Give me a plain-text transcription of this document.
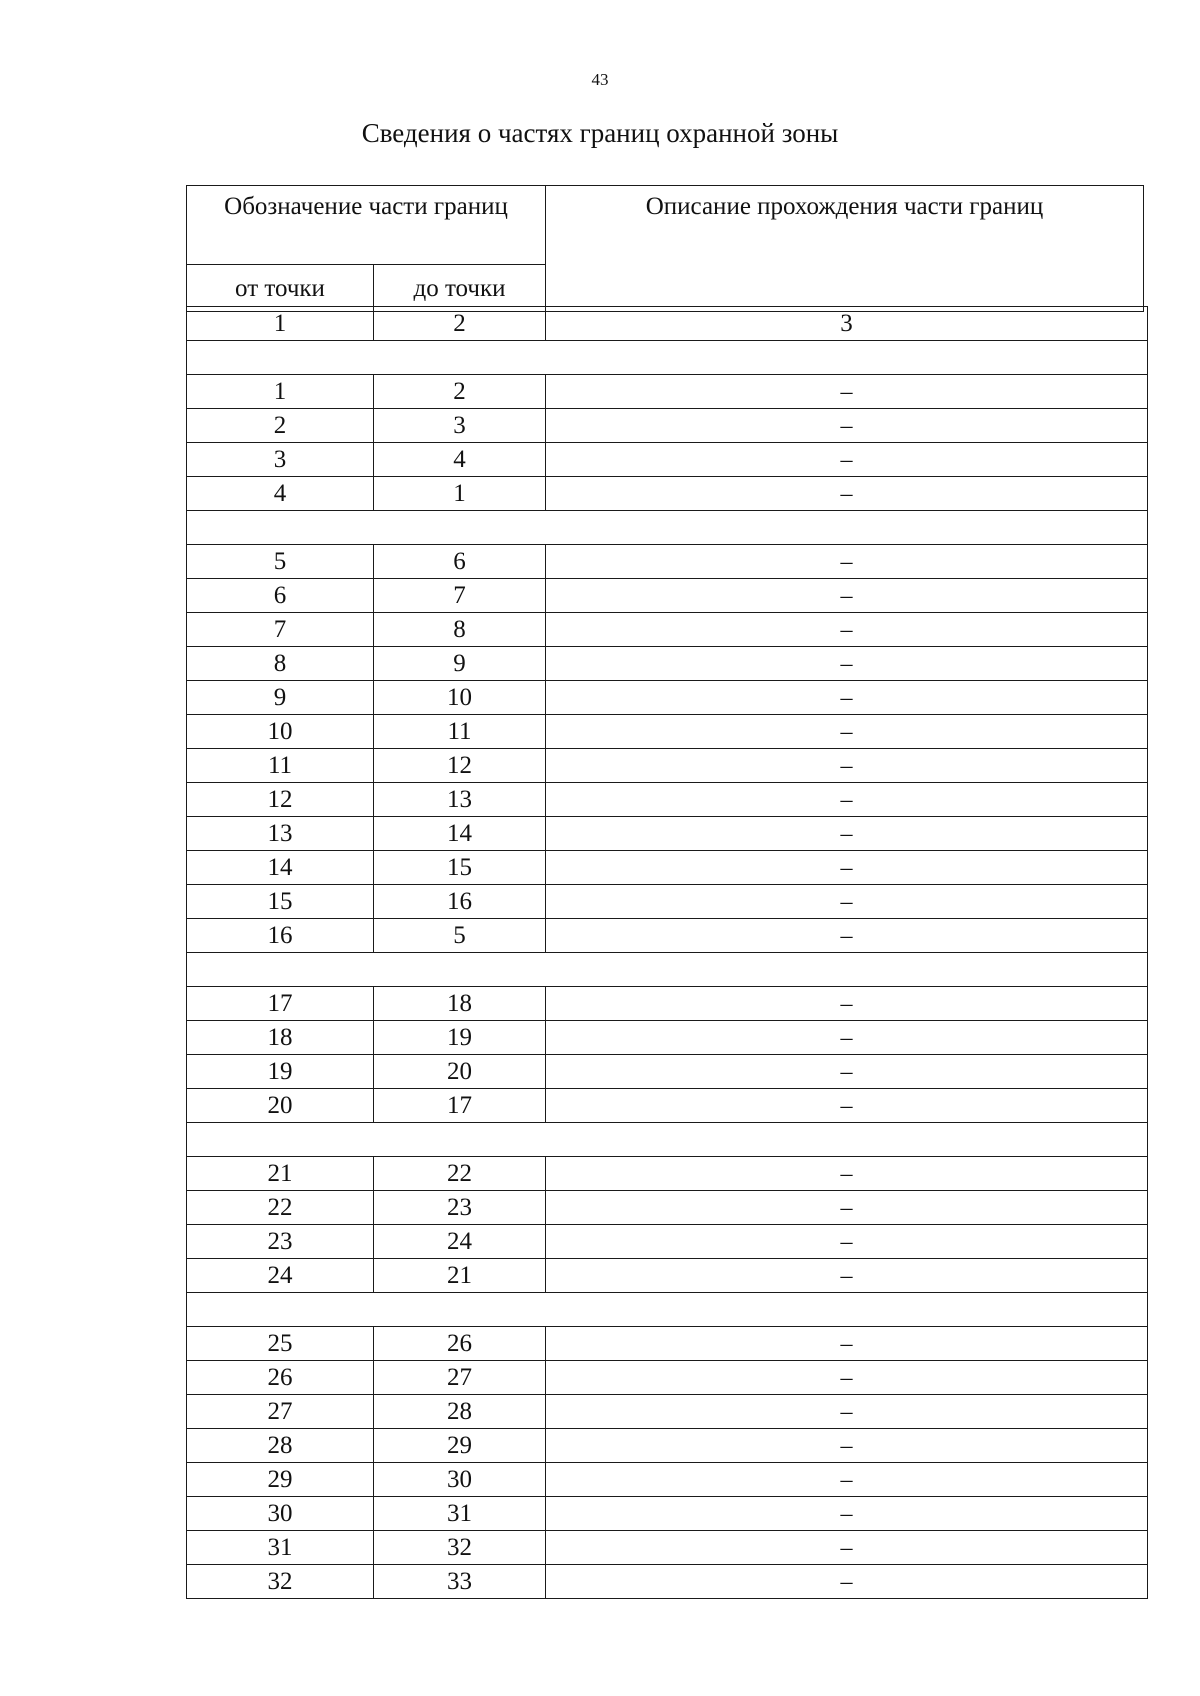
43
Сведения о частях границ охранной зоны
Обозначение части границ		Описание прохождения части границ
от точки	до точки	
1	2	3

1	2	–
2	3	–
3	4	–
4	1	–

5	6	–
6	7	–
7	8	–
8	9	–
9	10	–
10	11	–
11	12	–
12	13	–
13	14	–
14	15	–
15	16	–
16	5	–

17	18	–
18	19	–
19	20	–
20	17	–

21	22	–
22	23	–
23	24	–
24	21	–

25	26	–
26	27	–
27	28	–
28	29	–
29	30	–
30	31	–
31	32	–
32	33	–
